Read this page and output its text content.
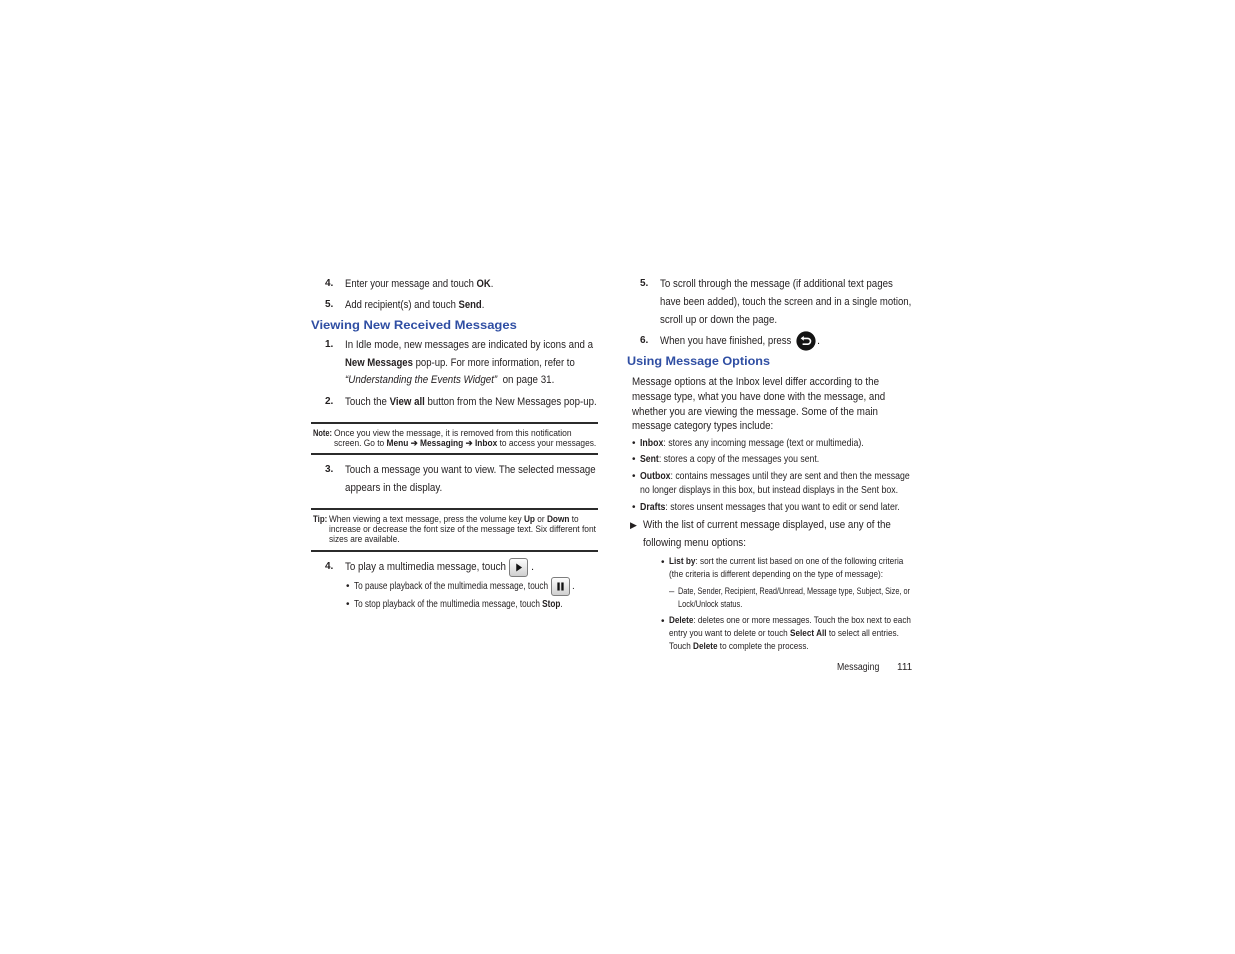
4. Enter your message and touch OK.
5. Add recipient(s) and touch Send.
Viewing New Received Messages
1. In Idle mode, new messages are indicated by icons and a
New Messages pop-up. For more information, refer to
“Understanding the Events Widget”  on page 31.
2. Touch the View all button from the New Messages pop-up.
Note: Once you view the message, it is removed from this notification
screen. Go to Menu ➔ Messaging ➔ Inbox to access your messages.
3. Touch a message you want to view. The selected message
appears in the display.
Tip: When viewing a text message, press the volume key Up or Down to
increase or decrease the font size of the message text. Six different font
sizes are available.
4. To play a multimedia message, touch .
• To pause playback of the multimedia message, touch .
• To stop playback of the multimedia message, touch Stop.
5. To scroll through the message (if additional text pages
have been added), touch the screen and in a single motion,
scroll up or down the page.
6. When you have finished, press .
Using Message Options
Message options at the Inbox level differ according to the
message type, what you have done with the message, and
whether you are viewing the message. Some of the main
message category types include:
• Inbox: stores any incoming message (text or multimedia).
• Sent: stores a copy of the messages you sent.
• Outbox: contains messages until they are sent and then the message
no longer displays in this box, but instead displays in the Sent box.
• Drafts: stores unsent messages that you want to edit or send later.
▶ With the list of current message displayed, use any of the
following menu options:
• List by: sort the current list based on one of the following criteria
(the criteria is different depending on the type of message):
– Date, Sender, Recipient, Read/Unread, Message type, Subject, Size, or
Lock/Unlock status.
• Delete: deletes one or more messages. Touch the box next to each
entry you want to delete or touch Select All to select all entries.
Touch Delete to complete the process.
Messaging 111
